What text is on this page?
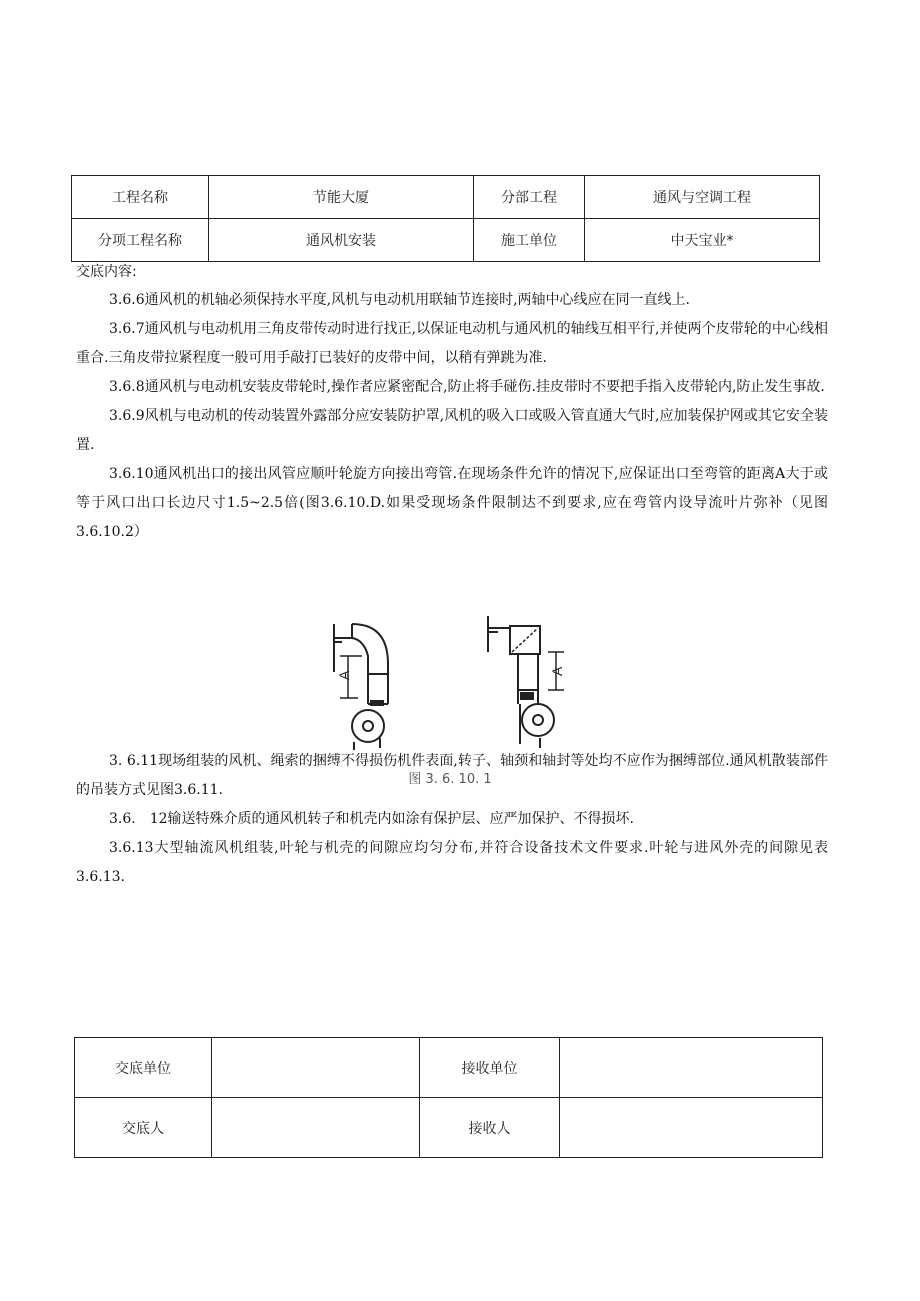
工程名称	节能大厦	分部工程	通风与空调工程
分项工程名称	通风机安装	施工单位	中天宝业*

交底内容:

3.6.6通风机的机轴必须保持水平度,风机与电动机用联轴节连接时,两轴中心线应在同一直线上.

3.6.7通风机与电动机用三角皮带传动时进行找正,以保证电动机与通风机的轴线互相平行,并使两个皮带轮的中心线相重合.三角皮带拉紧程度一般可用手敲打已装好的皮带中间，以稍有弹跳为准.

3.6.8通风机与电动机安装皮带轮时,操作者应紧密配合,防止将手碰伤.挂皮带时不要把手指入皮带轮内,防止发生事故.

3.6.9风机与电动机的传动装置外露部分应安装防护罩,风机的吸入口或吸入管直通大气时,应加装保护网或其它安全装置.

3.6.10通风机出口的接出风管应顺叶轮旋方向接出弯管.在现场条件允许的情况下,应保证出口至弯管的距离A大于或等于风口出口长边尺寸1.5~2.5倍(图3.6.10.D.如果受现场条件限制达不到要求,应在弯管内设导流叶片弥补（见图3.6.10.2）

3. 6.11现场组装的风机、绳索的捆缚不得损伤机件表面,转子、轴颈和轴封等处均不应作为捆缚部位.通风机散装部件的吊装方式见图3.6.11.

3.6.　12输送特殊介质的通风机转子和机壳内如涂有保护层、应严加保护、不得损坏.

3.6.13大型轴流风机组装,叶轮与机壳的间隙应均匀分布,并符合设备技术文件要求.叶轮与进风外壳的间隙见表3.6.13.

A	A
图 3. 6. 10. 1
交底单位		接收单位	
交底人		接收人	
